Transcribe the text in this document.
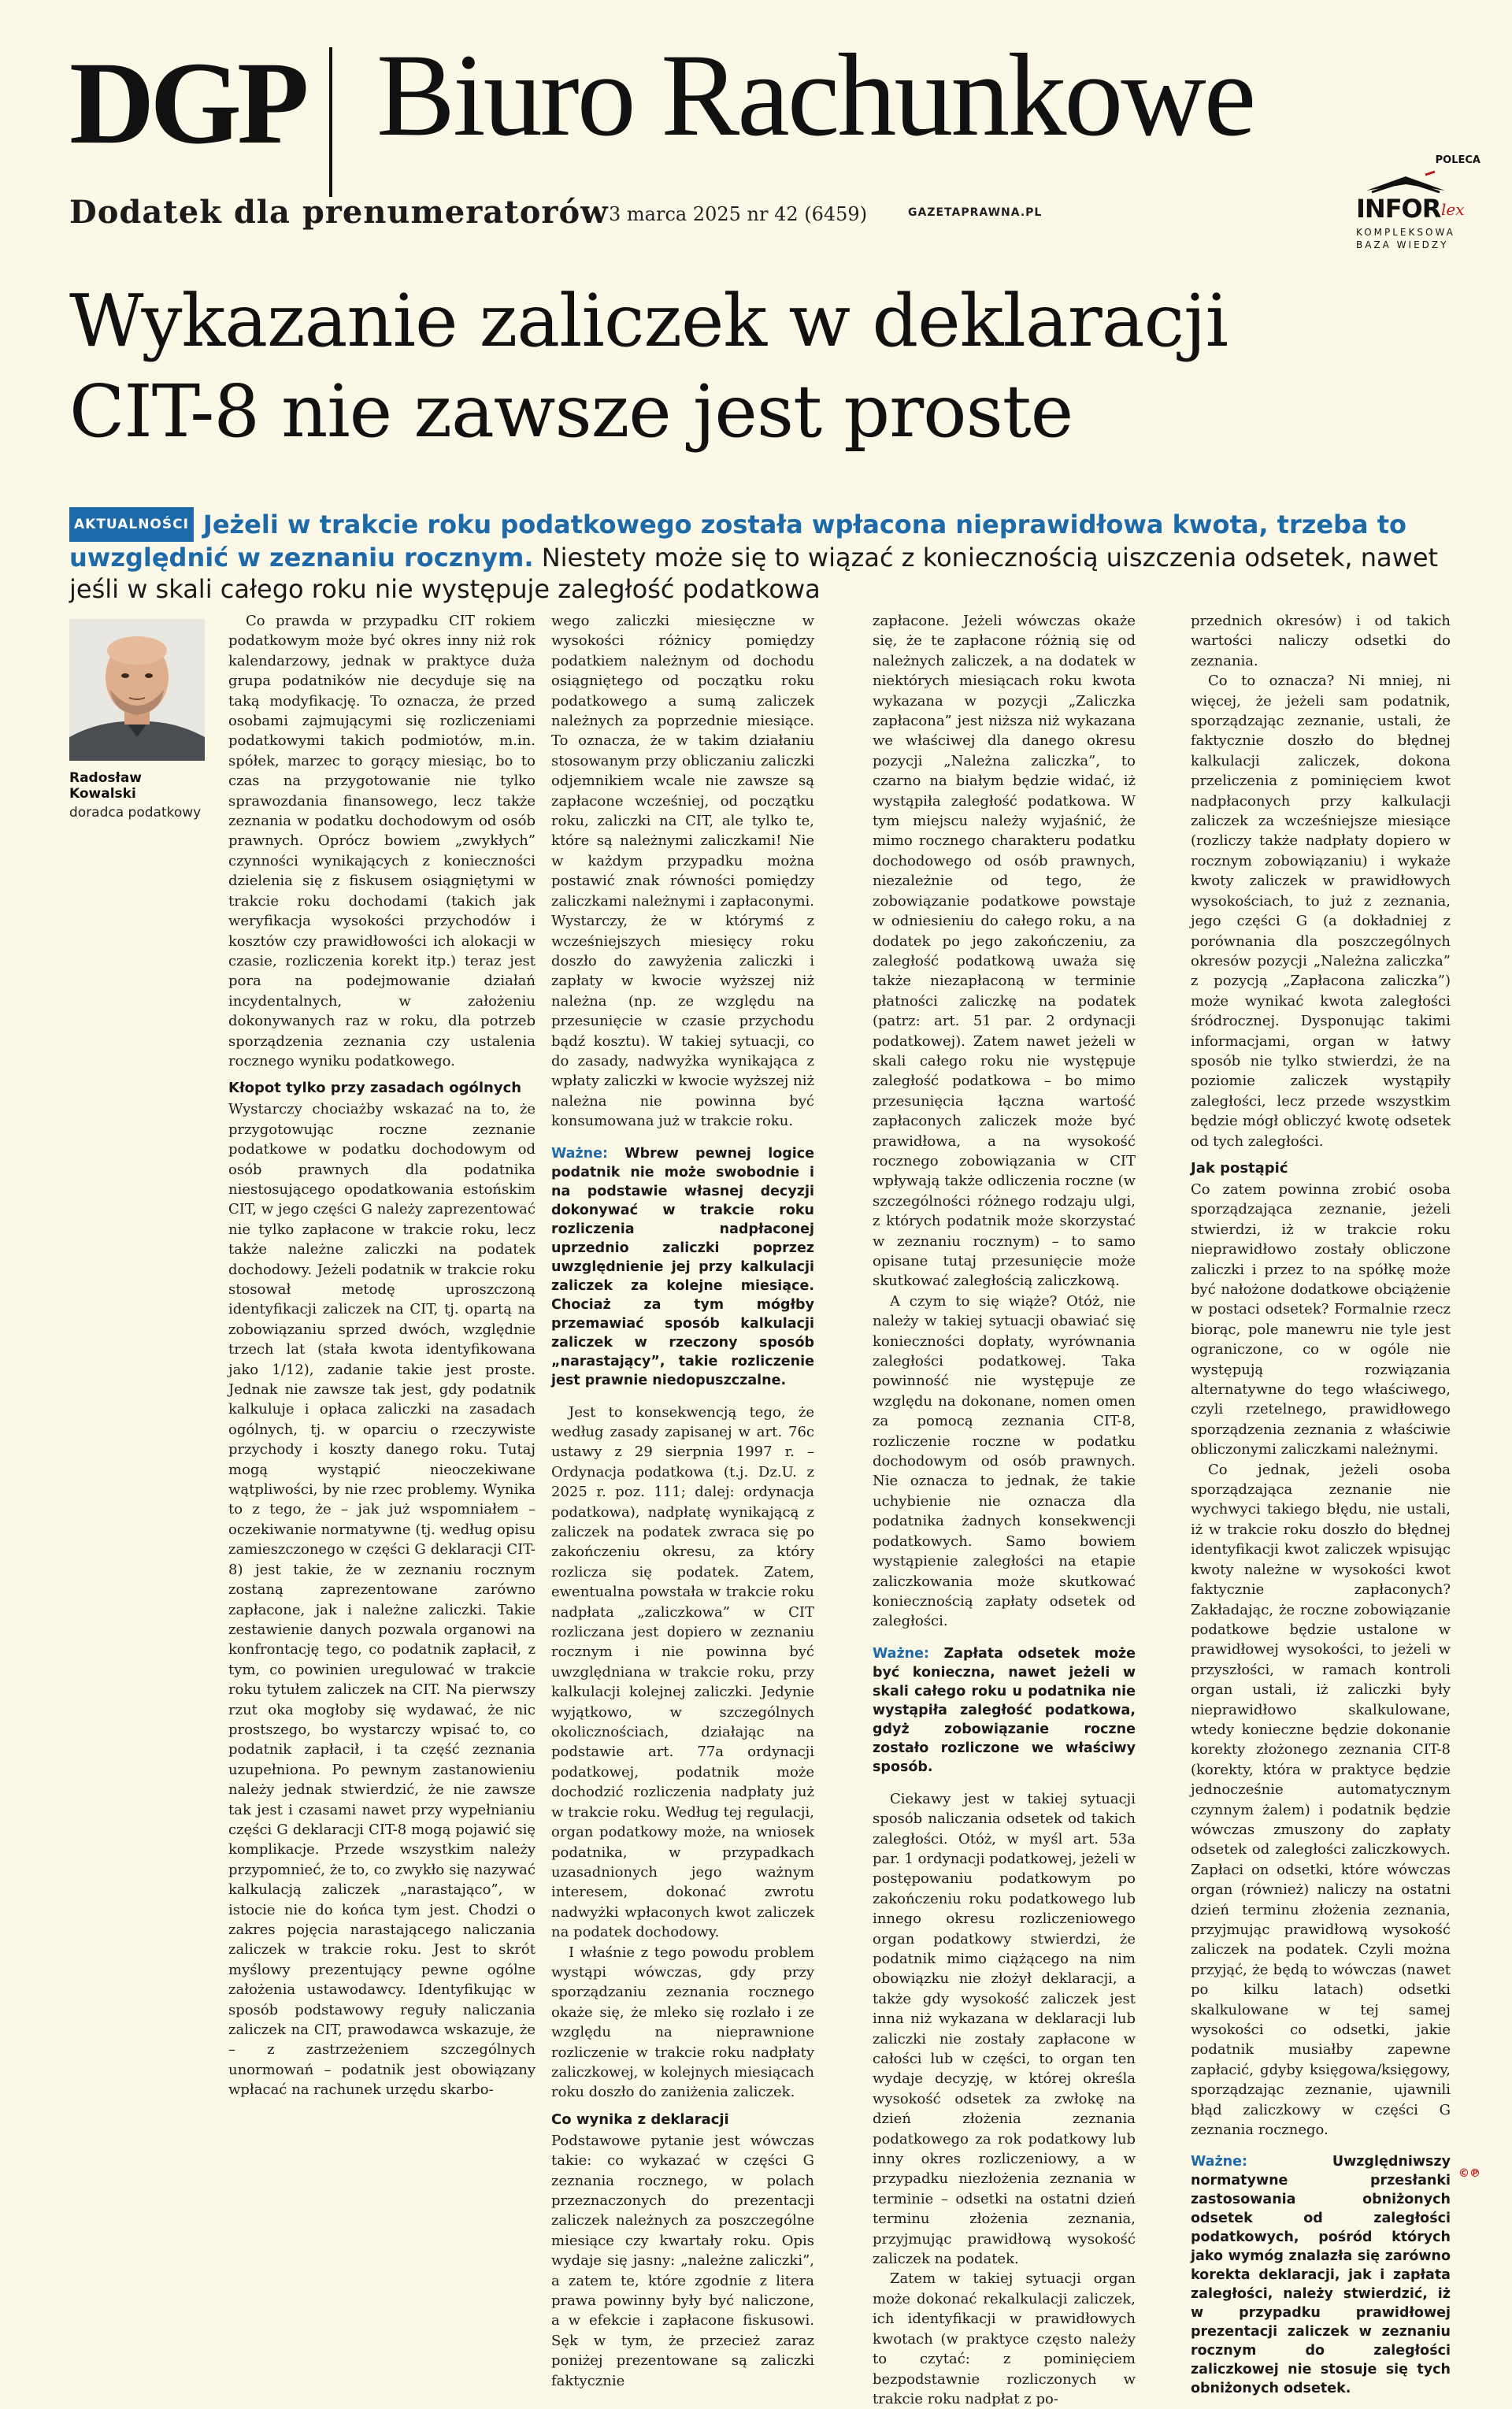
DGP Biuro Rachunkowe
Dodatek dla prenumeratorów 3 marca 2025 nr 42 (6459)	GAZETAPRAWNA.PL
POLECA
INFOR lex
KOMPLEKSOWA
BAZA WIEDZY
Wykazanie zaliczek w deklaracji
CIT-8 nie zawsze jest proste
AKTUALNOŚCI Jeżeli w trakcie roku podatkowego została wpłacona nieprawidłowa kwota, trzeba to uwzględnić w zeznaniu rocznym. Niestety może się to wiązać z koniecznością uiszczenia odsetek, nawet jeśli w skali całego roku nie występuje zaległość podatkowa
Radosław Kowalski
doradca podatkowy

Co prawda w przypadku CIT rokiem podatkowym może być okres inny niż rok kalendarzowy, jednak w praktyce duża grupa podatników nie decyduje się na taką modyfikację. To oznacza, że przed osobami zajmującymi się rozliczeniami podatkowymi takich podmiotów, m.in. spółek, marzec to gorący miesiąc, bo to czas na przygotowanie nie tylko sprawozdania finansowego, lecz także zeznania w podatku dochodowym od osób prawnych. Oprócz bowiem „zwykłych” czynności wynikających z konieczności dzielenia się z fiskusem osiągniętymi w trakcie roku dochodami (takich jak weryfikacja wysokości przychodów i kosztów czy prawidłowości ich alokacji w czasie, rozliczenia korekt itp.) teraz jest pora na podejmowanie działań incydentalnych, w założeniu dokonywanych raz w roku, dla potrzeb sporządzenia zeznania czy ustalenia rocznego wyniku podatkowego.

Kłopot tylko przy zasadach ogólnych

Wystarczy chociażby wskazać na to, że przygotowując roczne zeznanie podatkowe w podatku dochodowym od osób prawnych dla podatnika niestosującego opodatkowania estońskim CIT, w jego części G należy zaprezentować nie tylko zapłacone w trakcie roku, lecz także należne zaliczki na podatek dochodowy. Jeżeli podatnik w trakcie roku stosował metodę uproszczoną identyfikacji zaliczek na CIT, tj. opartą na zobowiązaniu sprzed dwóch, względnie trzech lat (stała kwota identyfikowana jako 1/12), zadanie takie jest proste. Jednak nie zawsze tak jest, gdy podatnik kalkuluje i opłaca zaliczki na zasadach ogólnych, tj. w oparciu o rzeczywiste przychody i koszty danego roku. Tutaj mogą wystąpić nieoczekiwane wątpliwości, by nie rzec problemy. Wynika to z tego, że – jak już wspomniałem – oczekiwanie normatywne (tj. według opisu zamieszczonego w części G deklaracji CIT-8) jest takie, że w zeznaniu rocznym zostaną zaprezentowane zarówno zapłacone, jak i należne zaliczki. Takie zestawienie danych pozwala organowi na konfrontację tego, co podatnik zapłacił, z tym, co powinien uregulować w trakcie roku tytułem zaliczek na CIT. Na pierwszy rzut oka mogłoby się wydawać, że nic prostszego, bo wystarczy wpisać to, co podatnik zapłacił, i ta część zeznania uzupełniona. Po pewnym zastanowieniu należy jednak stwierdzić, że nie zawsze tak jest i czasami nawet przy wypełnianiu części G deklaracji CIT-8 mogą pojawić się komplikacje. Przede wszystkim należy przypomnieć, że to, co zwykło się nazywać kalkulacją zaliczek „narastająco”, w istocie nie do końca tym jest. Chodzi o zakres pojęcia narastającego naliczania zaliczek w trakcie roku. Jest to skrót myślowy prezentujący pewne ogólne założenia ustawodawcy. Identyfikując w sposób podstawowy reguły naliczania zaliczek na CIT, prawodawca wskazuje, że – z zastrzeżeniem szczególnych unormowań – podatnik jest obowiązany wpłacać na rachunek urzędu skarbo-

wego zaliczki miesięczne w wysokości różnicy pomiędzy podatkiem należnym od dochodu osiągniętego od początku roku podatkowego a sumą zaliczek należnych za poprzednie miesiące. To oznacza, że w takim działaniu stosowanym przy obliczaniu zaliczki odjemnikiem wcale nie zawsze są zapłacone wcześniej, od początku roku, zaliczki na CIT, ale tylko te, które są należnymi zaliczkami! Nie w każdym przypadku można postawić znak równości pomiędzy zaliczkami należnymi i zapłaconymi. Wystarczy, że w którymś z wcześniejszych miesięcy roku doszło do zawyżenia zaliczki i zapłaty w kwocie wyższej niż należna (np. ze względu na przesunięcie w czasie przychodu bądź kosztu). W takiej sytuacji, co do zasady, nadwyżka wynikająca z wpłaty zaliczki w kwocie wyższej niż należna nie powinna być konsumowana już w trakcie roku.

Ważne: Wbrew pewnej logice podatnik nie może swobodnie i na podstawie własnej decyzji dokonywać w trakcie roku rozliczenia nadpłaconej uprzednio zaliczki poprzez uwzględnienie jej przy kalkulacji zaliczek za kolejne miesiące. Chociaż za tym mógłby przemawiać sposób kalkulacji zaliczek w rzeczony sposób „narastający”, takie rozliczenie jest prawnie niedopuszczalne.

Jest to konsekwencją tego, że według zasady zapisanej w art. 76c ustawy z 29 sierpnia 1997 r. – Ordynacja podatkowa (t.j. Dz.U. z 2025 r. poz. 111; dalej: ordynacja podatkowa), nadpłatę wynikającą z zaliczek na podatek zwraca się po zakończeniu okresu, za który rozlicza się podatek. Zatem, ewentualna powstała w trakcie roku nadpłata „zaliczkowa” w CIT rozliczana jest dopiero w zeznaniu rocznym i nie powinna być uwzględniana w trakcie roku, przy kalkulacji kolejnej zaliczki. Jedynie wyjątkowo, w szczególnych okolicznościach, działając na podstawie art. 77a ordynacji podatkowej, podatnik może dochodzić rozliczenia nadpłaty już w trakcie roku. Według tej regulacji, organ podatkowy może, na wniosek podatnika, w przypadkach uzasadnionych jego ważnym interesem, dokonać zwrotu nadwyżki wpłaconych kwot zaliczek na podatek dochodowy.

I właśnie z tego powodu problem wystąpi wówczas, gdy przy sporządzaniu zeznania rocznego okaże się, że mleko się rozlało i ze względu na nieprawnione rozliczenie w trakcie roku nadpłaty zaliczkowej, w kolejnych miesiącach roku doszło do zaniżenia zaliczek.

Co wynika z deklaracji

Podstawowe pytanie jest wówczas takie: co wykazać w części G zeznania rocznego, w polach przeznaczonych do prezentacji zaliczek należnych za poszczególne miesiące czy kwartały roku. Opis wydaje się jasny: „należne zaliczki”, a zatem te, które zgodnie z litera prawa powinny były być naliczone, a w efekcie i zapłacone fiskusowi. Sęk w tym, że przecież zaraz poniżej prezentowane są zaliczki faktycznie

zapłacone. Jeżeli wówczas okaże się, że te zapłacone różnią się od należnych zaliczek, a na dodatek w niektórych miesiącach roku kwota wykazana w pozycji „Zaliczka zapłacona” jest niższa niż wykazana we właściwej dla danego okresu pozycji „Należna zaliczka”, to czarno na białym będzie widać, iż wystąpiła zaległość podatkowa. W tym miejscu należy wyjaśnić, że mimo rocznego charakteru podatku dochodowego od osób prawnych, niezależnie od tego, że zobowiązanie podatkowe powstaje w odniesieniu do całego roku, a na dodatek po jego zakończeniu, za zaległość podatkową uważa się także niezapłaconą w terminie płatności zaliczkę na podatek (patrz: art. 51 par. 2 ordynacji podatkowej). Zatem nawet jeżeli w skali całego roku nie występuje zaległość podatkowa – bo mimo przesunięcia łączna wartość zapłaconych zaliczek może być prawidłowa, a na wysokość rocznego zobowiązania w CIT wpływają także odliczenia roczne (w szczególności różnego rodzaju ulgi, z których podatnik może skorzystać w zeznaniu rocznym) – to samo opisane tutaj przesunięcie może skutkować zaległością zaliczkową.

A czym to się wiąże? Otóż, nie należy w takiej sytuacji obawiać się konieczności dopłaty, wyrównania zaległości podatkowej. Taka powinność nie występuje ze względu na dokonane, nomen omen za pomocą zeznania CIT-8, rozliczenie roczne w podatku dochodowym od osób prawnych. Nie oznacza to jednak, że takie uchybienie nie oznacza dla podatnika żadnych konsekwencji podatkowych. Samo bowiem wystąpienie zaległości na etapie zaliczkowania może skutkować koniecznością zapłaty odsetek od zaległości.

Ważne: Zapłata odsetek może być konieczna, nawet jeżeli w skali całego roku u podatnika nie wystąpiła zaległość podatkowa, gdyż zobowiązanie roczne zostało rozliczone we właściwy sposób.

Ciekawy jest w takiej sytuacji sposób naliczania odsetek od takich zaległości. Otóż, w myśl art. 53a par. 1 ordynacji podatkowej, jeżeli w postępowaniu podatkowym po zakończeniu roku podatkowego lub innego okresu rozliczeniowego organ podatkowy stwierdzi, że podatnik mimo ciążącego na nim obowiązku nie złożył deklaracji, a także gdy wysokość zaliczek jest inna niż wykazana w deklaracji lub zaliczki nie zostały zapłacone w całości lub w części, to organ ten wydaje decyzję, w której określa wysokość odsetek za zwłokę na dzień złożenia zeznania podatkowego za rok podatkowy lub inny okres rozliczeniowy, a w przypadku niezłożenia zeznania w terminie – odsetki na ostatni dzień terminu złożenia zeznania, przyjmując prawidłową wysokość zaliczek na podatek.

Zatem w takiej sytuacji organ może dokonać rekalkulacji zaliczek, ich identyfikacji w prawidłowych kwotach (w praktyce często należy to czytać: z pominięciem bezpodstawnie rozliczonych w trakcie roku nadpłat z po-

przednich okresów) i od takich wartości naliczy odsetki do zeznania.

Co to oznacza? Ni mniej, ni więcej, że jeżeli sam podatnik, sporządzając zeznanie, ustali, że faktycznie doszło do błędnej kalkulacji zaliczek, dokona przeliczenia z pominięciem kwot nadpłaconych przy kalkulacji zaliczek za wcześniejsze miesiące (rozliczy także nadpłaty dopiero w rocznym zobowiązaniu) i wykaże kwoty zaliczek w prawidłowych wysokościach, to już z zeznania, jego części G (a dokładniej z porównania dla poszczególnych okresów pozycji „Należna zaliczka” z pozycją „Zapłacona zaliczka”) może wynikać kwota zaległości śródrocznej. Dysponując takimi informacjami, organ w łatwy sposób nie tylko stwierdzi, że na poziomie zaliczek wystąpiły zaległości, lecz przede wszystkim będzie mógł obliczyć kwotę odsetek od tych zaległości.

Jak postąpić

Co zatem powinna zrobić osoba sporządzająca zeznanie, jeżeli stwierdzi, iż w trakcie roku nieprawidłowo zostały obliczone zaliczki i przez to na spółkę może być nałożone dodatkowe obciążenie w postaci odsetek? Formalnie rzecz biorąc, pole manewru nie tyle jest ograniczone, co w ogóle nie występują rozwiązania alternatywne do tego właściwego, czyli rzetelnego, prawidłowego sporządzenia zeznania z właściwie obliczonymi zaliczkami należnymi.

Co jednak, jeżeli osoba sporządzająca zeznanie nie wychwyci takiego błędu, nie ustali, iż w trakcie roku doszło do błędnej identyfikacji kwot zaliczek wpisując kwoty należne w wysokości kwot faktycznie zapłaconych? Zakładając, że roczne zobowiązanie podatkowe będzie ustalone w prawidłowej wysokości, to jeżeli w przyszłości, w ramach kontroli organ ustali, iż zaliczki były nieprawidłowo skalkulowane, wtedy konieczne będzie dokonanie korekty złożonego zeznania CIT-8 (korekty, która w praktyce będzie jednocześnie automatycznym czynnym żalem) i podatnik będzie wówczas zmuszony do zapłaty odsetek od zaległości zaliczkowych. Zapłaci on odsetki, które wówczas organ (również) naliczy na ostatni dzień terminu złożenia zeznania, przyjmując prawidłową wysokość zaliczek na podatek. Czyli można przyjąć, że będą to wówczas (nawet po kilku latach) odsetki skalkulowane w tej samej wysokości co odsetki, jakie podatnik musiałby zapewne zapłacić, gdyby księgowa/księgowy, sporządzając zeznanie, ujawnili błąd zaliczkowy w części G zeznania rocznego.

Ważne: Uwzględniwszy normatywne przesłanki zastosowania obniżonych odsetek od zaległości podatkowych, pośród których jako wymóg znalazła się zarówno korekta deklaracji, jak i zapłata zaległości, należy stwierdzić, iż w przypadku prawidłowej prezentacji zaliczek w zeznaniu rocznym do zaległości zaliczkowej nie stosuje się tych obniżonych odsetek.
©℗
